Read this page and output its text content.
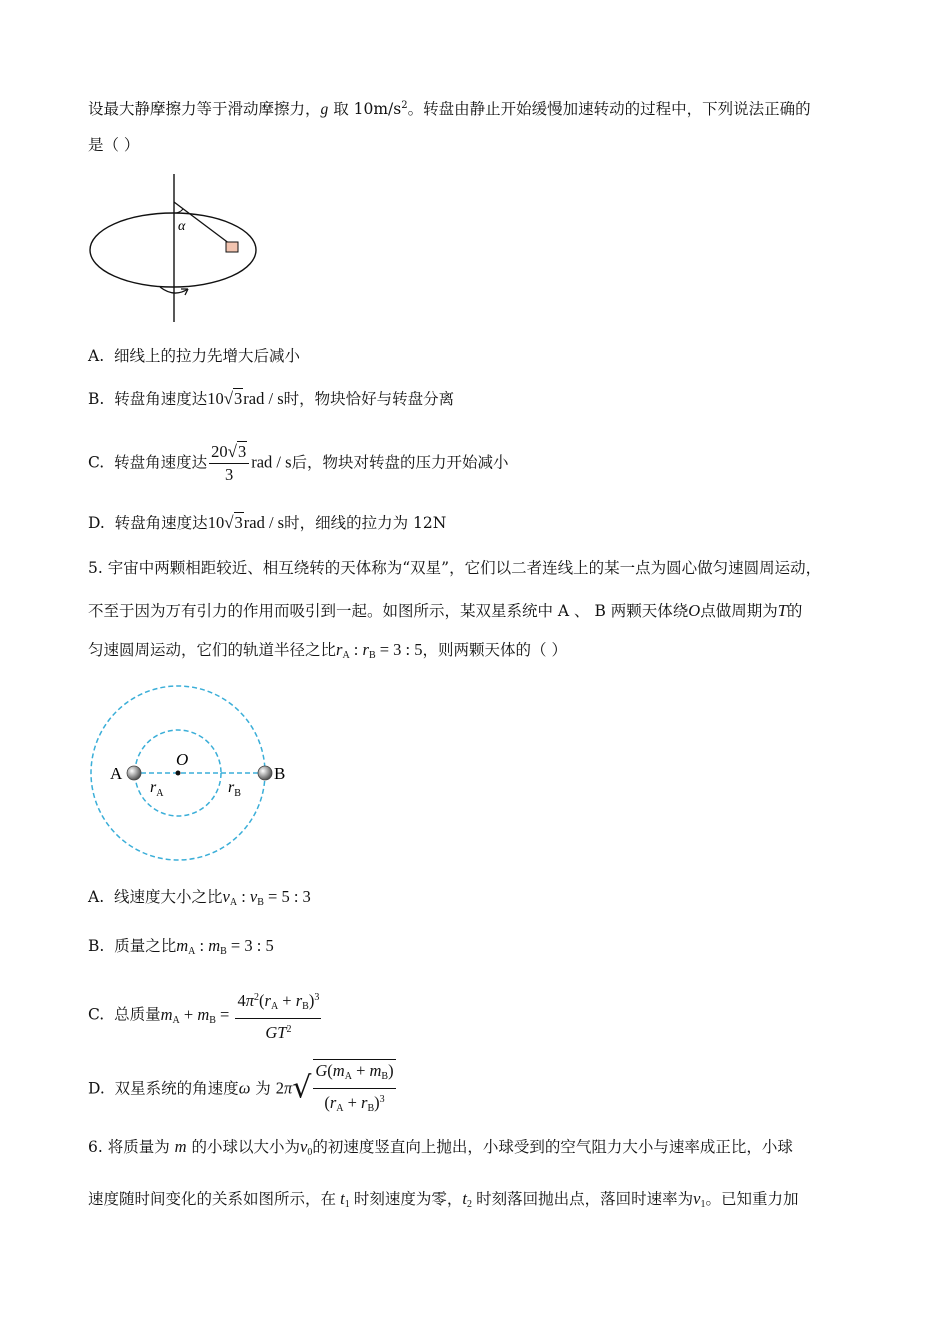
设最大静摩擦力等于滑动摩擦力，g 取 $10m/s^2$。转盘由静止开始缓慢加速转动的过程中，下列说法正确的
是（ ）
α
A. 细线上的拉力先增大后减小
B. 转盘角速度达10√3rad / s时，物块恰好与转盘分离
C. 转盘角速度达 $\frac{20√3}{3}$ rad / s后，物块对转盘的压力开始减小
D. 转盘角速度达10√3rad / s时，细线的拉力为 12N
5. 宇宙中两颗相距较近、相互绕转的天体称为“双星”，它们以二者连线上的某一点为圆心做匀速圆周运动，
不至于因为万有引力的作用而吸引到一起。如图所示，某双星系统中 A 、 B 两颗天体绕O点做周期为T的
匀速圆周运动，它们的轨道半径之比$r_A$ : $r_B = 3$ : 5，则两颗天体的（ ）
A	B
O
$r_A$	$r_B$
A. 线速度大小之比$v_A$ : $v_B = 5$ : 3
B. 质量之比$m_A$ : $m_B = 3$ : 5
C. 总质量$m_A + m_B = \frac{4\pi^2(r_A + r_B)^3}{GT^2}$
D. 双星系统的角速度ω 为 $2\pi√ \frac{G(m_A + m_B)}{(r_A + r_B)^3}$
6. 将质量为 m 的小球以大小为$v_0$的初速度竖直向上抛出，小球受到的空气阻力大小与速率成正比，小球
速度随时间变化的关系如图所示，在 $t_1$ 时刻速度为零，$t_2$ 时刻落回抛出点，落回时速率为$v_1$。已知重力加
